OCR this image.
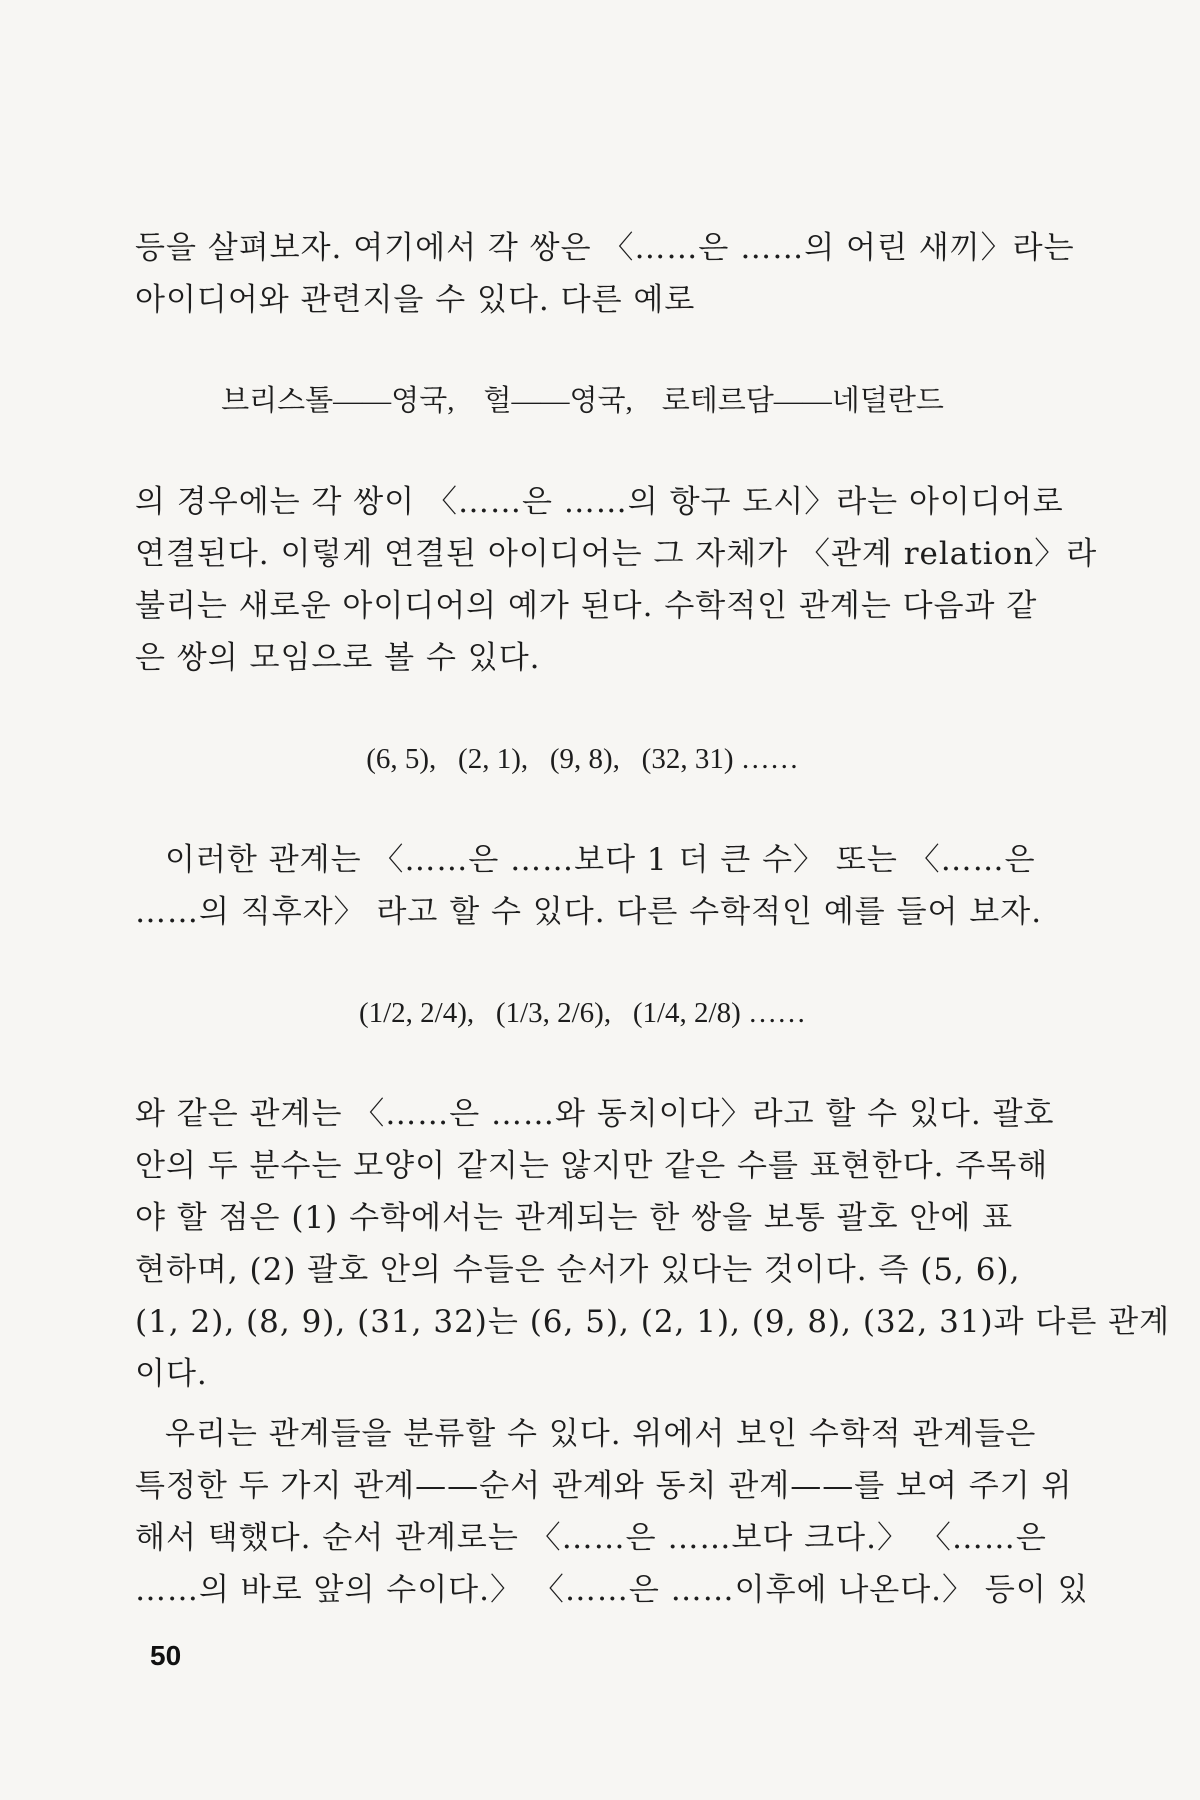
등을 살펴보자. 여기에서 각 쌍은 〈……은 ……의 어린 새끼〉라는
아이디어와 관련지을 수 있다. 다른 예로

브리스톨——영국,    헐——영국,    로테르담——네덜란드

의 경우에는 각 쌍이 〈……은 ……의 항구 도시〉라는 아이디어로
연결된다. 이렇게 연결된 아이디어는 그 자체가 〈관계 relation〉라
불리는 새로운 아이디어의 예가 된다. 수학적인 관계는 다음과 같
은 쌍의 모임으로 볼 수 있다.

(6, 5),   (2, 1),   (9, 8),   (32, 31) ……

이러한 관계는 〈……은 ……보다 1 더 큰 수〉 또는 〈……은
……의 직후자〉 라고 할 수 있다. 다른 수학적인 예를 들어 보자.

(1/2, 2/4),   (1/3, 2/6),   (1/4, 2/8) ……

와 같은 관계는 〈……은 ……와 동치이다〉라고 할 수 있다. 괄호
안의 두 분수는 모양이 같지는 않지만 같은 수를 표현한다. 주목해
야 할 점은 (1) 수학에서는 관계되는 한 쌍을 보통 괄호 안에 표
현하며, (2) 괄호 안의 수들은 순서가 있다는 것이다. 즉 (5, 6),
(1, 2), (8, 9), (31, 32)는 (6, 5), (2, 1), (9, 8), (32, 31)과 다른 관계
이다.

우리는 관계들을 분류할 수 있다. 위에서 보인 수학적 관계들은
특정한 두 가지 관계——순서 관계와 동치 관계——를 보여 주기 위
해서 택했다. 순서 관계로는 〈……은 ……보다 크다.〉 〈……은
……의 바로 앞의 수이다.〉 〈……은 ……이후에 나온다.〉 등이 있

50
